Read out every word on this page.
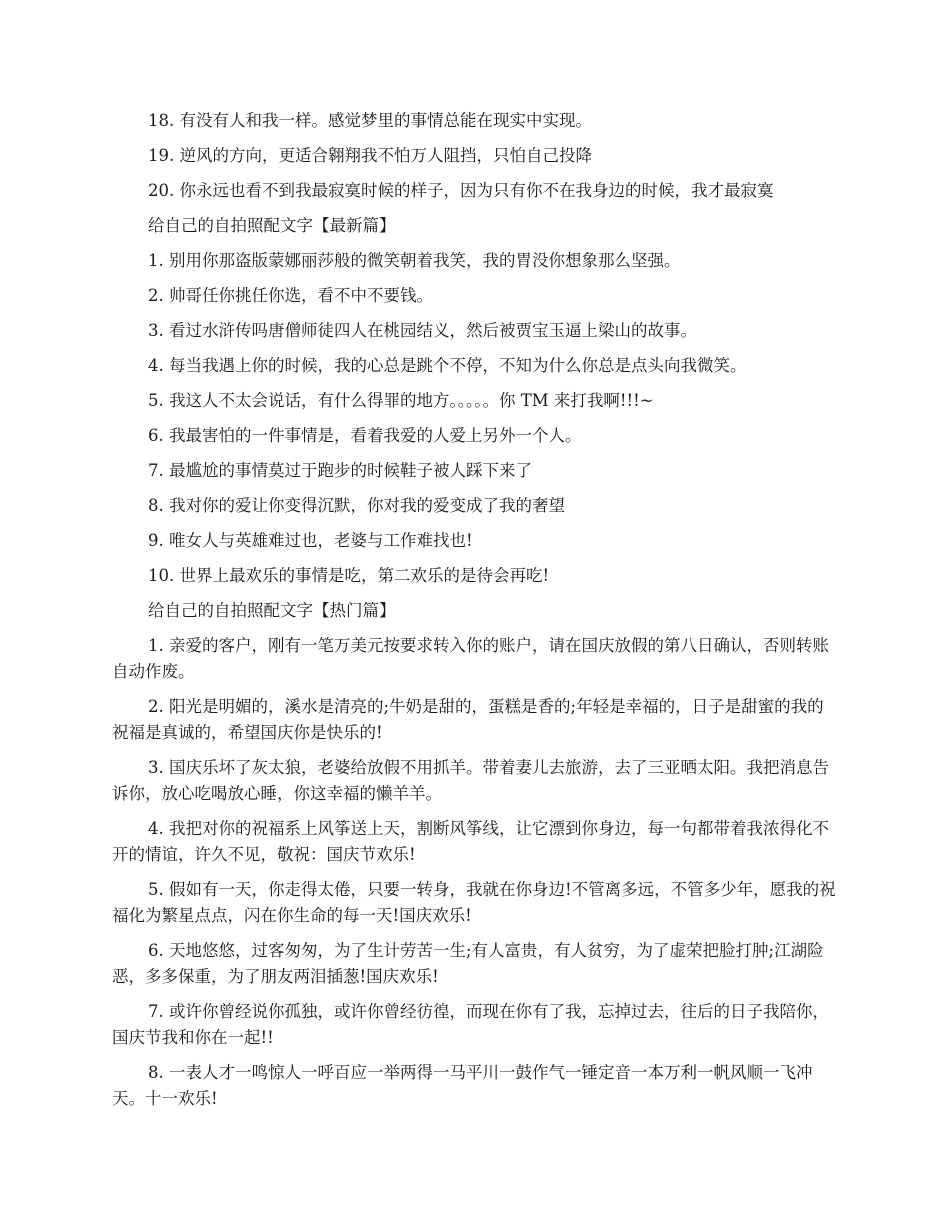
18. 有没有人和我一样。感觉梦里的事情总能在现实中实现。

19. 逆风的方向，更适合翱翔我不怕万人阻挡，只怕自己投降

20. 你永远也看不到我最寂寞时候的样子，因为只有你不在我身边的时候，我才最寂寞

给自己的自拍照配文字【最新篇】

1. 别用你那盗版蒙娜丽莎般的微笑朝着我笑，我的胃没你想象那么坚强。

2. 帅哥任你挑任你选，看不中不要钱。

3. 看过水浒传吗唐僧师徒四人在桃园结义，然后被贾宝玉逼上梁山的故事。

4. 每当我遇上你的时候，我的心总是跳个不停，不知为什么你总是点头向我微笑。

5. 我这人不太会说话，有什么得罪的地方。。。。。你 TM 来打我啊!!!~

6. 我最害怕的一件事情是，看着我爱的人爱上另外一个人。

7. 最尴尬的事情莫过于跑步的时候鞋子被人踩下来了

8. 我对你的爱让你变得沉默，你对我的爱变成了我的奢望

9. 唯女人与英雄难过也，老婆与工作难找也!

10. 世界上最欢乐的事情是吃，第二欢乐的是待会再吃!

给自己的自拍照配文字【热门篇】

1. 亲爱的客户，刚有一笔万美元按要求转入你的账户，请在国庆放假的第八日确认，否则转账自动作废。

2. 阳光是明媚的，溪水是清亮的;牛奶是甜的，蛋糕是香的;年轻是幸福的，日子是甜蜜的我的祝福是真诚的，希望国庆你是快乐的!

3. 国庆乐坏了灰太狼，老婆给放假不用抓羊。带着妻儿去旅游，去了三亚晒太阳。我把消息告诉你，放心吃喝放心睡，你这幸福的懒羊羊。

4. 我把对你的祝福系上风筝送上天，割断风筝线，让它漂到你身边，每一句都带着我浓得化不开的情谊，许久不见，敬祝：国庆节欢乐!

5. 假如有一天，你走得太倦，只要一转身，我就在你身边!不管离多远，不管多少年，愿我的祝福化为繁星点点，闪在你生命的每一天!国庆欢乐!

6. 天地悠悠，过客匆匆，为了生计劳苦一生;有人富贵，有人贫穷，为了虚荣把脸打肿;江湖险恶，多多保重，为了朋友两泪插葱!国庆欢乐!

7. 或许你曾经说你孤独，或许你曾经彷徨，而现在你有了我，忘掉过去，往后的日子我陪你，国庆节我和你在一起!!

8. 一表人才一鸣惊人一呼百应一举两得一马平川一鼓作气一锤定音一本万利一帆风顺一飞冲天。十一欢乐!
